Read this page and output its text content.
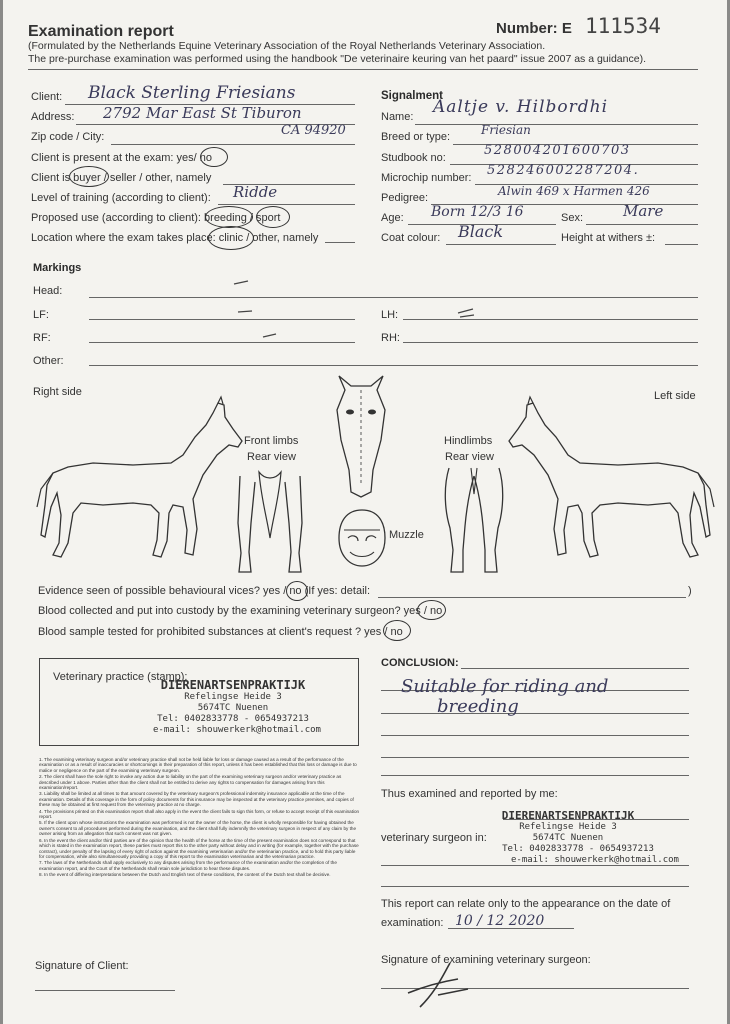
Examination report	Number: E 111534
(Formulated by the Netherlands Equine Veterinary Association of the Royal Netherlands Veterinary Association.
The pre-purchase examination was performed using the handbook "De veterinaire keuring van het paard" issue 2007 as a guidance).
Client: Black Sterling Friesians
Address: 2792 Mar East St Tiburon
Zip code / City:	CA 94920
Client is present at the exam: yes/ no
Client is buyer / seller / other, namely
Level of training (according to client): Ridde
Proposed use (according to client): breeding / sport
Location where the exam takes place: clinic / other, namely
Signalment
Name: Aaltje v. Hilbordhi
Breed or type:	Friesian
Studbook no:	528004201600703
Microchip number: 528246002287204.
Pedigree:	Alwin 469 x Harmen 426
Age: Born 12/3 16	Sex:	Mare
Coat colour: Black	Height at withers ±:
Markings
Head:
LF:	LH:
RF:	RH:
Other:
Right side	Left side
Front limbs
Rear view
Hindlimbs
Rear view
Muzzle
Evidence seen of possible behavioural vices? yes / no (If yes: detail:	)
Blood collected and put into custody by the examining veterinary surgeon? yes / no
Blood sample tested for prohibited substances at client's request ? yes / no
Veterinary practice (stamp):
DIERENARTSENPRAKTIJK
Refelingse Heide 3
5674TC Nuenen
Tel: 0402833778 - 0654937213
e-mail: shouwerkerk@hotmail.com
1. The examining veterinary surgeon and/or veterinary practice shall not be held liable for loss or damage caused as a result of the performance of the examination or as a result of inaccuracies or shortcomings in their preparation of this report, unless it has been established that this loss or damage is due to malice or negligence on the part of the examining veterinary surgeon.
2. The client shall have the sole right to invoke any action due to liability on the part of the examining veterinary surgeon and/or veterinary practice as described under 1 above. Parties other than the client shall not be entitled to derive any rights to compensation for damages arising from this examination/report.
3. Liability shall be limited at all times to that amount covered by the veterinary surgeon's professional indemnity insurance applicable at the time of the examination. Details of this coverage in the form of policy documents for this insurance may be inspected at the veterinary practice premises, and copies of these may be obtained at first request from the veterinary practice at no charge.
4. The provisions printed on this examination report shall also apply in the event the client fails to sign this form, or refuse to accept receipt of this examination report.
5. If the client upon whose instructions the examination was performed is not the owner of the horse, the client is wholly responsible for having obtained the owner's consent to all procedures performed during the examination, and the client shall fully indemnify the veterinary surgeon in respect of any claim by the owner arising from an allegation that such consent was not given.
6. In the event the client and/or third parties are of the opinion that the health of the horse at the time of the present examination does not correspond to that which is stated in the examination report, these parties must report this to the other party without delay and in writing (for example, together with the purchase contract), under penalty of the lapsing of every right of action against the examining veterinarian and/or the veterinarian practice, and to hold this party liable for compensation, while also simultaneously providing a copy of this report to the examination veterinarian and the veterinarian practice.
7. The laws of the Netherlands shall apply exclusively to any disputes arising from the performance of the examination and/or the completion of the examination report, and the Court of the Netherlands shall retain sole jurisdiction to hear these disputes.
8. In the event of differing interpretations between the Dutch and English text of these conditions, the content of the Dutch text shall be decisive.
CONCLUSION:
Suitable for riding and
breeding
Thus examined and reported by me:
DIERENARTSENPRAKTIJK
Refelingse Heide 3
5674TC Nuenen
veterinary surgeon in:
Tel: 0402833778 - 0654937213
e-mail: shouwerkerk@hotmail.com
This report can relate only to the appearance on the date of
examination: 10 / 12 2020
Signature of Client:	Signature of examining veterinary surgeon:
